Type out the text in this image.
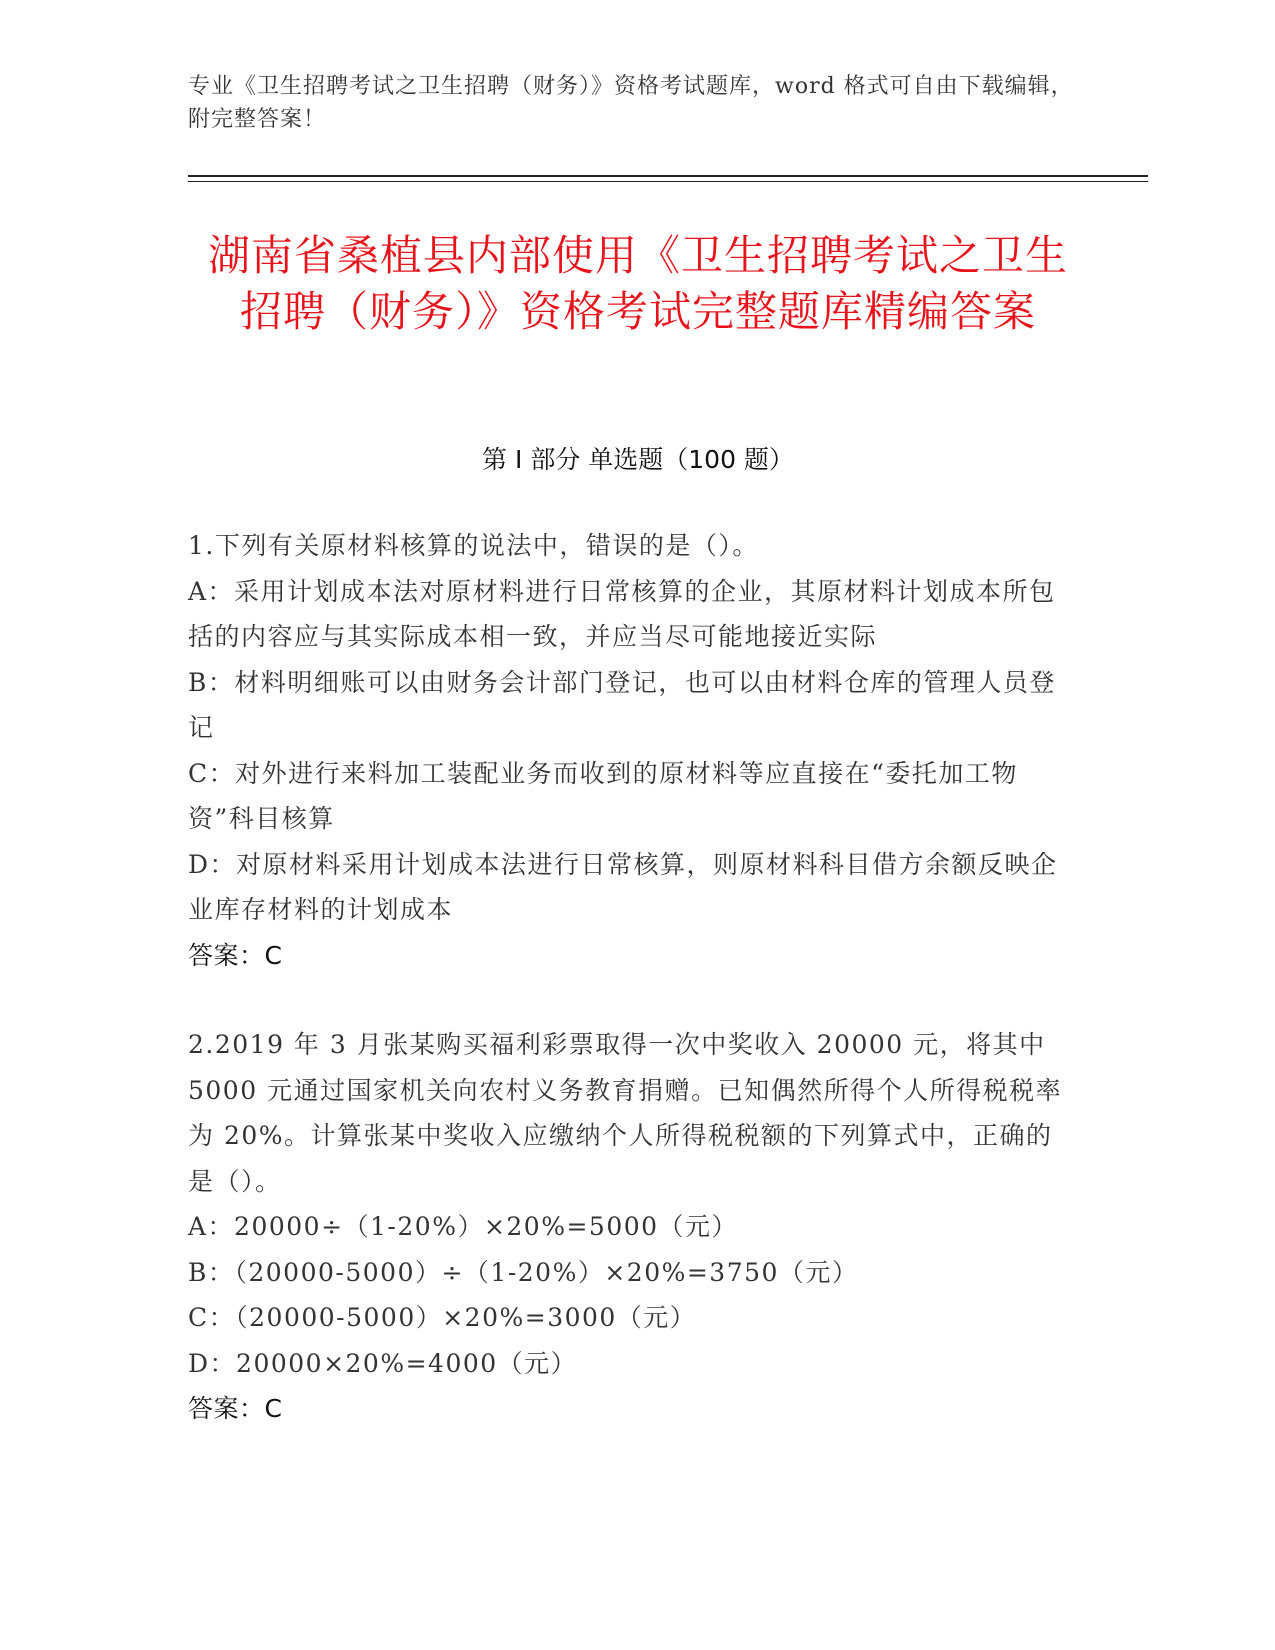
专业《卫生招聘考试之卫生招聘（财务）》资格考试题库，word 格式可自由下载编辑，附完整答案！
湖南省桑植县内部使用《卫生招聘考试之卫生招聘（财务）》资格考试完整题库精编答案
第 I 部分 单选题（100 题）

1.下列有关原材料核算的说法中，错误的是（）。

A：采用计划成本法对原材料进行日常核算的企业，其原材料计划成本所包括的内容应与其实际成本相一致，并应当尽可能地接近实际

B：材料明细账可以由财务会计部门登记，也可以由材料仓库的管理人员登记

C：对外进行来料加工装配业务而收到的原材料等应直接在“委托加工物资”科目核算

D：对原材料采用计划成本法进行日常核算，则原材料科目借方余额反映企业库存材料的计划成本

答案：C

2.2019 年 3 月张某购买福利彩票取得一次中奖收入 20000 元，将其中 5000 元通过国家机关向农村义务教育捐赠。已知偶然所得个人所得税税率为 20%。计算张某中奖收入应缴纳个人所得税税额的下列算式中，正确的是（）。

A：20000÷（1-20%）×20%=5000（元）

B：（20000-5000）÷（1-20%）×20%=3750（元）

C：（20000-5000）×20%=3000（元）

D：20000×20%=4000（元）

答案：C
